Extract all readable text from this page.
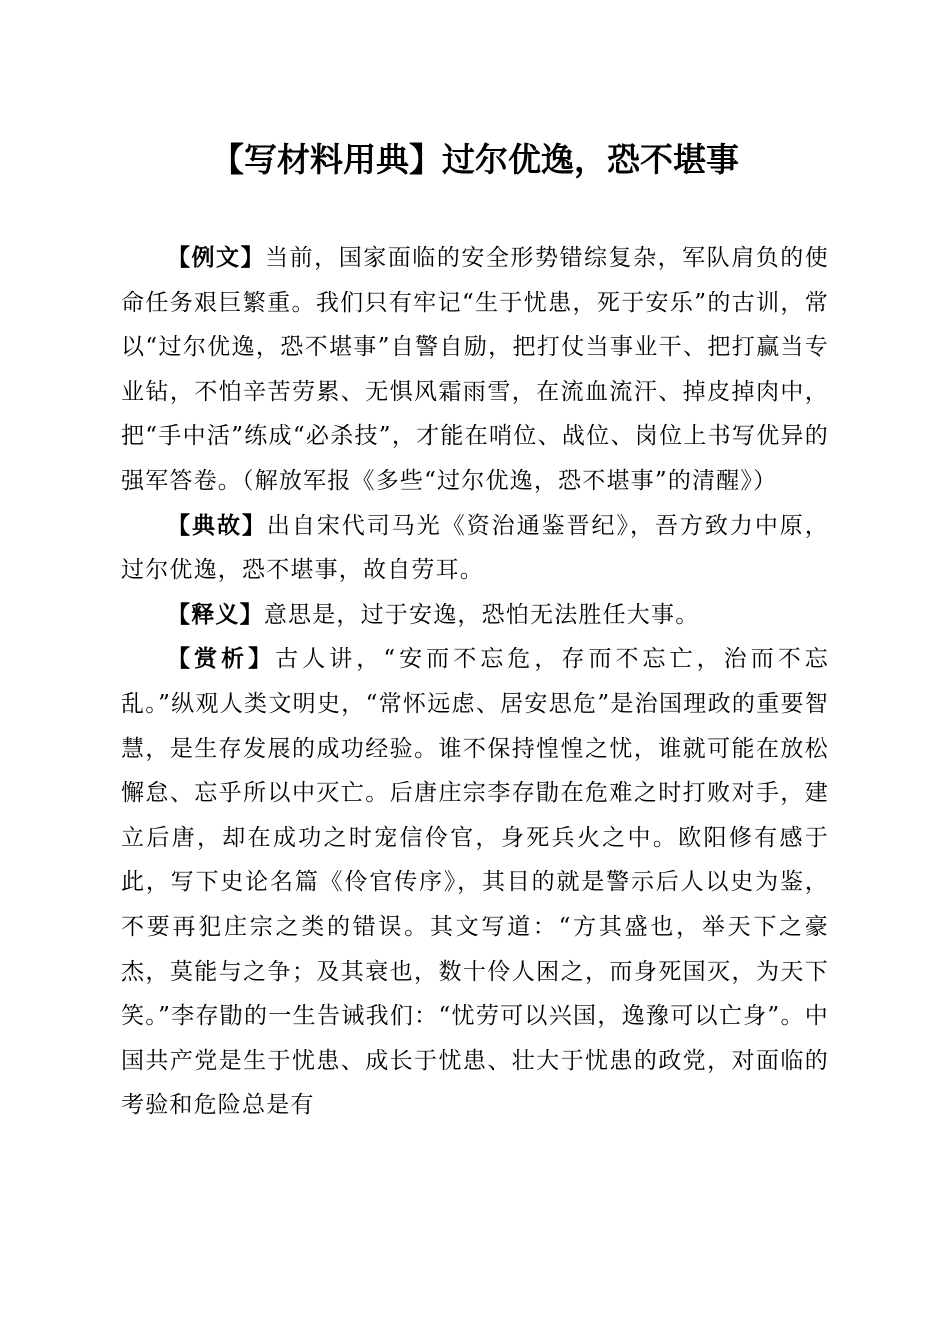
【写材料用典】过尔优逸，恐不堪事

【例文】当前，国家面临的安全形势错综复杂，军队肩负的使命任务艰巨繁重。我们只有牢记“生于忧患，死于安乐”的古训，常以“过尔优逸，恐不堪事”自警自励，把打仗当事业干、把打赢当专业钻，不怕辛苦劳累、无惧风霜雨雪，在流血流汗、掉皮掉肉中，把“手中活”练成“必杀技”，才能在哨位、战位、岗位上书写优异的强军答卷。（解放军报《多些“过尔优逸，恐不堪事”的清醒》）

【典故】出自宋代司马光《资治通鉴晋纪》，吾方致力中原，过尔优逸，恐不堪事，故自劳耳。

【释义】意思是，过于安逸，恐怕无法胜任大事。

【赏析】古人讲，“安而不忘危，存而不忘亡，治而不忘乱。”纵观人类文明史，“常怀远虑、居安思危”是治国理政的重要智慧，是生存发展的成功经验。谁不保持惶惶之忧，谁就可能在放松懈怠、忘乎所以中灭亡。后唐庄宗李存勖在危难之时打败对手，建立后唐，却在成功之时宠信伶官，身死兵火之中。欧阳修有感于此，写下史论名篇《伶官传序》，其目的就是警示后人以史为鉴，不要再犯庄宗之类的错误。其文写道：“方其盛也，举天下之豪杰，莫能与之争；及其衰也，数十伶人困之，而身死国灭，为天下笑。”李存勖的一生告诫我们：“忧劳可以兴国，逸豫可以亡身”。中国共产党是生于忧患、成长于忧患、壮大于忧患的政党，对面临的考验和危险总是有
